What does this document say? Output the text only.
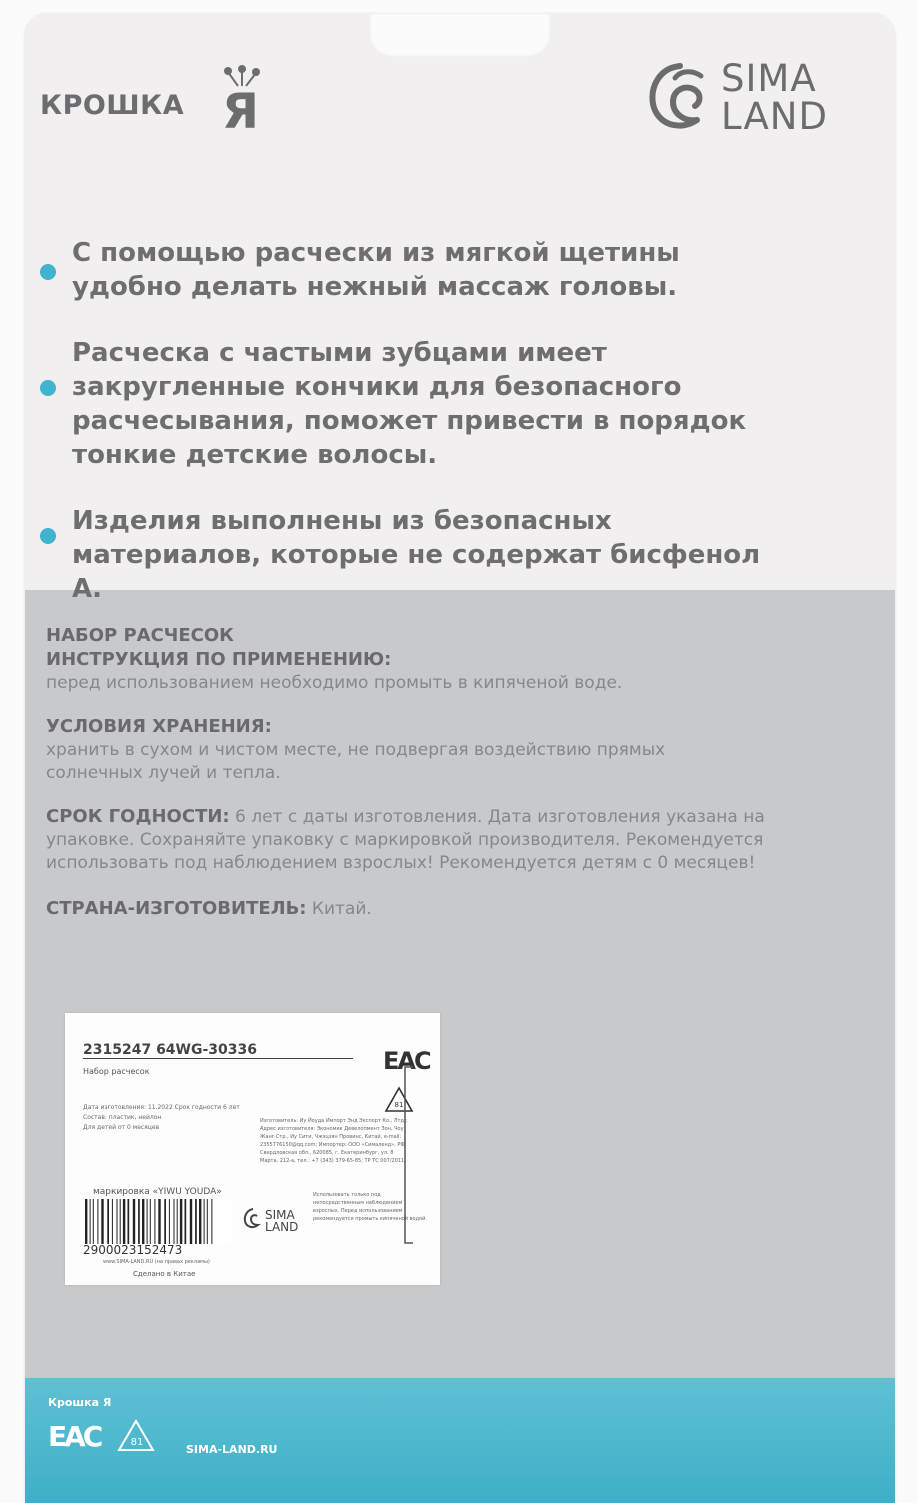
КРОШКА Я
SIMA
LAND

С помощью расчески из мягкой щетины удобно делать нежный массаж головы.

Расческа с частыми зубцами имеет закругленные кончики для безопасного расчесывания, поможет привести в порядок тонкие детские волосы.

Изделия выполнены из безопасных материалов, которые не содержат бисфенол А.

НАБОР РАСЧЕСОК
ИНСТРУКЦИЯ ПО ПРИМЕНЕНИЮ:
перед использованием необходимо промыть в кипяченой воде.
УСЛОВИЯ ХРАНЕНИЯ:
хранить в сухом и чистом месте, не подвергая воздействию прямых солнечных лучей и тепла.
СРОК ГОДНОСТИ: 6 лет с даты изготовления. Дата изготовления указана на упаковке. Сохраняйте упаковку с маркировкой производителя. Рекомендуется использовать под наблюдением взрослых! Рекомендуется детям с 0 месяцев!
СТРАНА-ИЗГОТОВИТЕЛЬ: Китай.
2315247 64WG-30336
Набор расчесок
Дата изготовления: 11.2022 Срок годности 6 лет
Состав: пластик, нейлон
Для детей от 0 месяцев
Изготовитель: Иу Йоуда Импорт Энд Экспорт Ко., Лтд.; Адрес изготовителя: Экономик Девелопмент Зон, Чоу Жанг Стр., Иу Сити, Чжэцзян Провинс, Китай, e-mail: 2355776150@qq.com; Импортер: ООО «Сималенд», РФ, Свердловская обл., 620085, г. Екатеринбург, ул. 8 Марта, 212-а, тел.: +7 (343) 379-65-85; ТР ТС 007/2011
Использовать только под непосредственным наблюдением взрослых. Перед использованием рекомендуется промыть кипяченой водой.
маркировка «YIWU YOUDA»
2900023152473
www.SIMA-LAND.RU (на правах рекламы)
Сделано в Китае
EAC
81
SIMA
LAND
Крошка Я
EAC	81
SIMA-LAND.RU
